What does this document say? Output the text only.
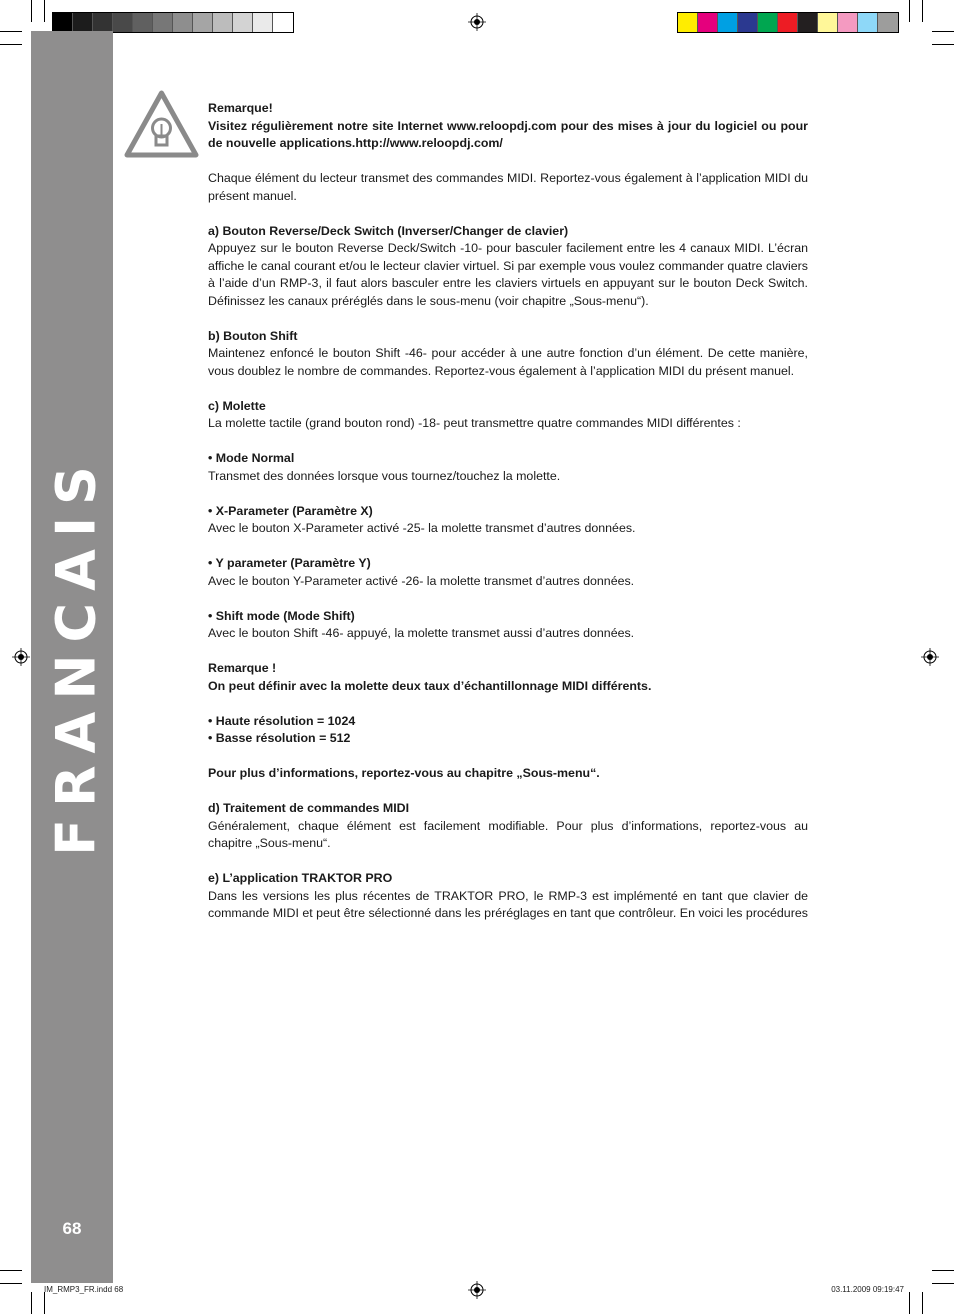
FRANCAIS
68

Remarque!
Visitez régulièrement notre site Internet www.reloopdj.com pour des mises à jour du logiciel ou pour de nouvelle applications.http://www.reloopdj.com/

Chaque élément du lecteur transmet des commandes MIDI. Reportez-vous également à l’application MIDI du présent manuel.

a) Bouton Reverse/Deck Switch (Inverser/Changer de clavier)
Appuyez sur le bouton Reverse Deck/Switch -10- pour basculer facilement entre les 4 canaux MIDI. L’écran affiche le canal courant et/ou le lecteur clavier virtuel. Si par exemple vous voulez commander quatre claviers à l’aide d’un RMP-3, il faut alors basculer entre les claviers virtuels en appuyant sur le bouton Deck Switch. Définissez les canaux préréglés dans le sous-menu (voir chapitre „Sous-menu“).

b) Bouton Shift
Maintenez enfoncé le bouton Shift -46- pour accéder à une autre fonction d’un élément. De cette manière, vous doublez le nombre de commandes. Reportez-vous également à l’application MIDI du présent manuel.

c) Molette
La molette tactile (grand bouton rond) -18- peut transmettre quatre commandes MIDI différentes :

• Mode Normal
Transmet des données lorsque vous tournez/touchez la molette.

• X-Parameter (Paramètre X)
Avec le bouton X-Parameter activé -25- la molette transmet d’autres données.

• Y parameter (Paramètre Y)
Avec le bouton Y-Parameter activé -26- la molette transmet d’autres données.

• Shift mode (Mode Shift)
Avec le bouton Shift -46- appuyé, la molette transmet aussi d’autres données.

Remarque !
On peut définir avec la molette deux taux d’échantillonnage MIDI différents.

• Haute résolution = 1024
• Basse résolution = 512

Pour plus d’informations, reportez-vous au chapitre „Sous-menu“.

d) Traitement de commandes MIDI
Généralement, chaque élément est facilement modifiable. Pour plus d’informations, reportez-vous au chapitre „Sous-menu“.

e) L’application TRAKTOR PRO
Dans les versions les plus récentes de TRAKTOR PRO, le RMP-3 est implémenté en tant que clavier de commande MIDI et peut être sélectionné dans les préréglages en tant que contrôleur. En voici les procédures

IM_RMP3_FR.indd 68	03.11.2009 09:19:47
